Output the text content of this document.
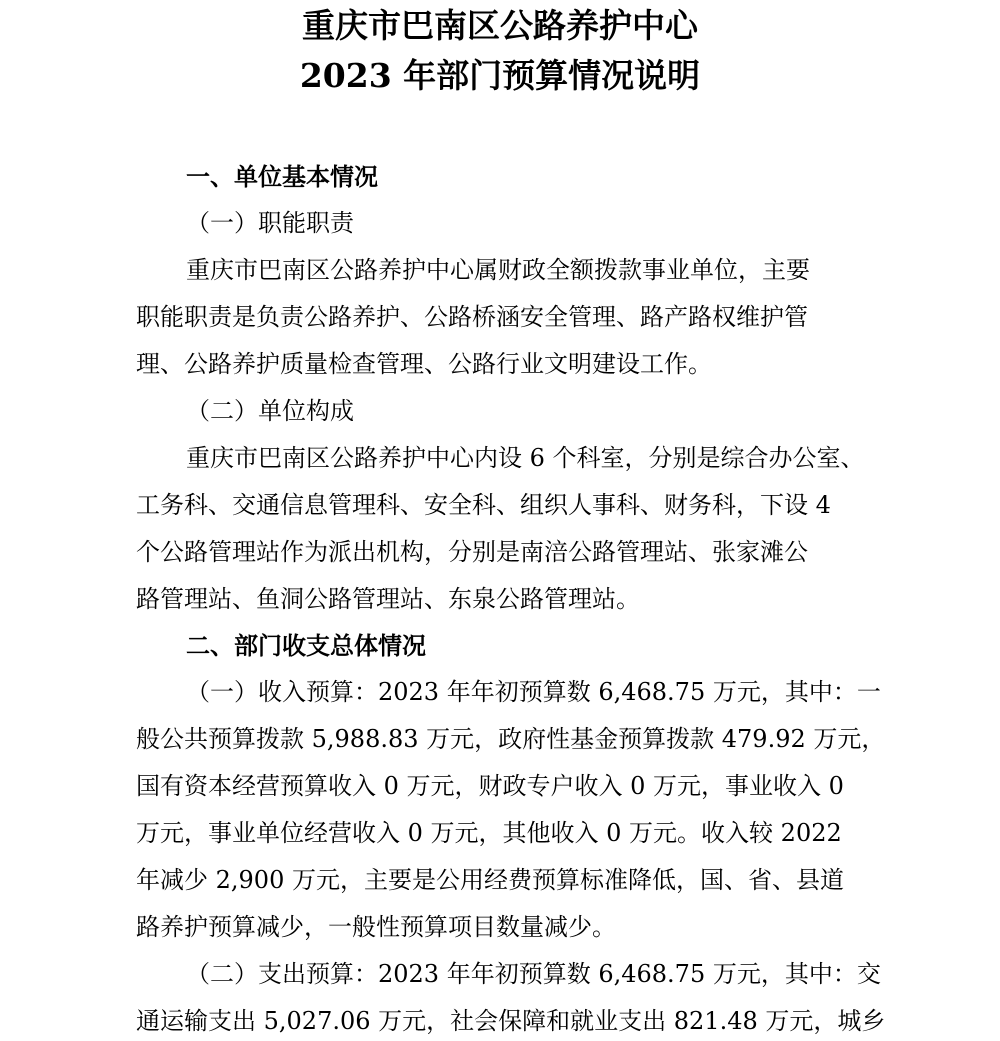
重庆市巴南区公路养护中心
2023 年部门预算情况说明
一、单位基本情况
（一）职能职责
重庆市巴南区公路养护中心属财政全额拨款事业单位，主要
职能职责是负责公路养护、公路桥涵安全管理、路产路权维护管
理、公路养护质量检查管理、公路行业文明建设工作。
（二）单位构成
重庆市巴南区公路养护中心内设 6 个科室，分别是综合办公室、
工务科、交通信息管理科、安全科、组织人事科、财务科，下设 4
个公路管理站作为派出机构，分别是南涪公路管理站、张家滩公
路管理站、鱼洞公路管理站、东泉公路管理站。
二、部门收支总体情况
（一）收入预算：2023 年年初预算数 6,468.75 万元，其中：一
般公共预算拨款 5,988.83 万元，政府性基金预算拨款 479.92 万元，
国有资本经营预算收入 0 万元，财政专户收入 0 万元，事业收入 0
万元，事业单位经营收入 0 万元，其他收入 0 万元。收入较 2022
年减少 2,900 万元，主要是公用经费预算标准降低，国、省、县道
路养护预算减少，一般性预算项目数量减少。
（二）支出预算：2023 年年初预算数 6,468.75 万元，其中：交
通运输支出 5,027.06 万元，社会保障和就业支出 821.48 万元，城乡
